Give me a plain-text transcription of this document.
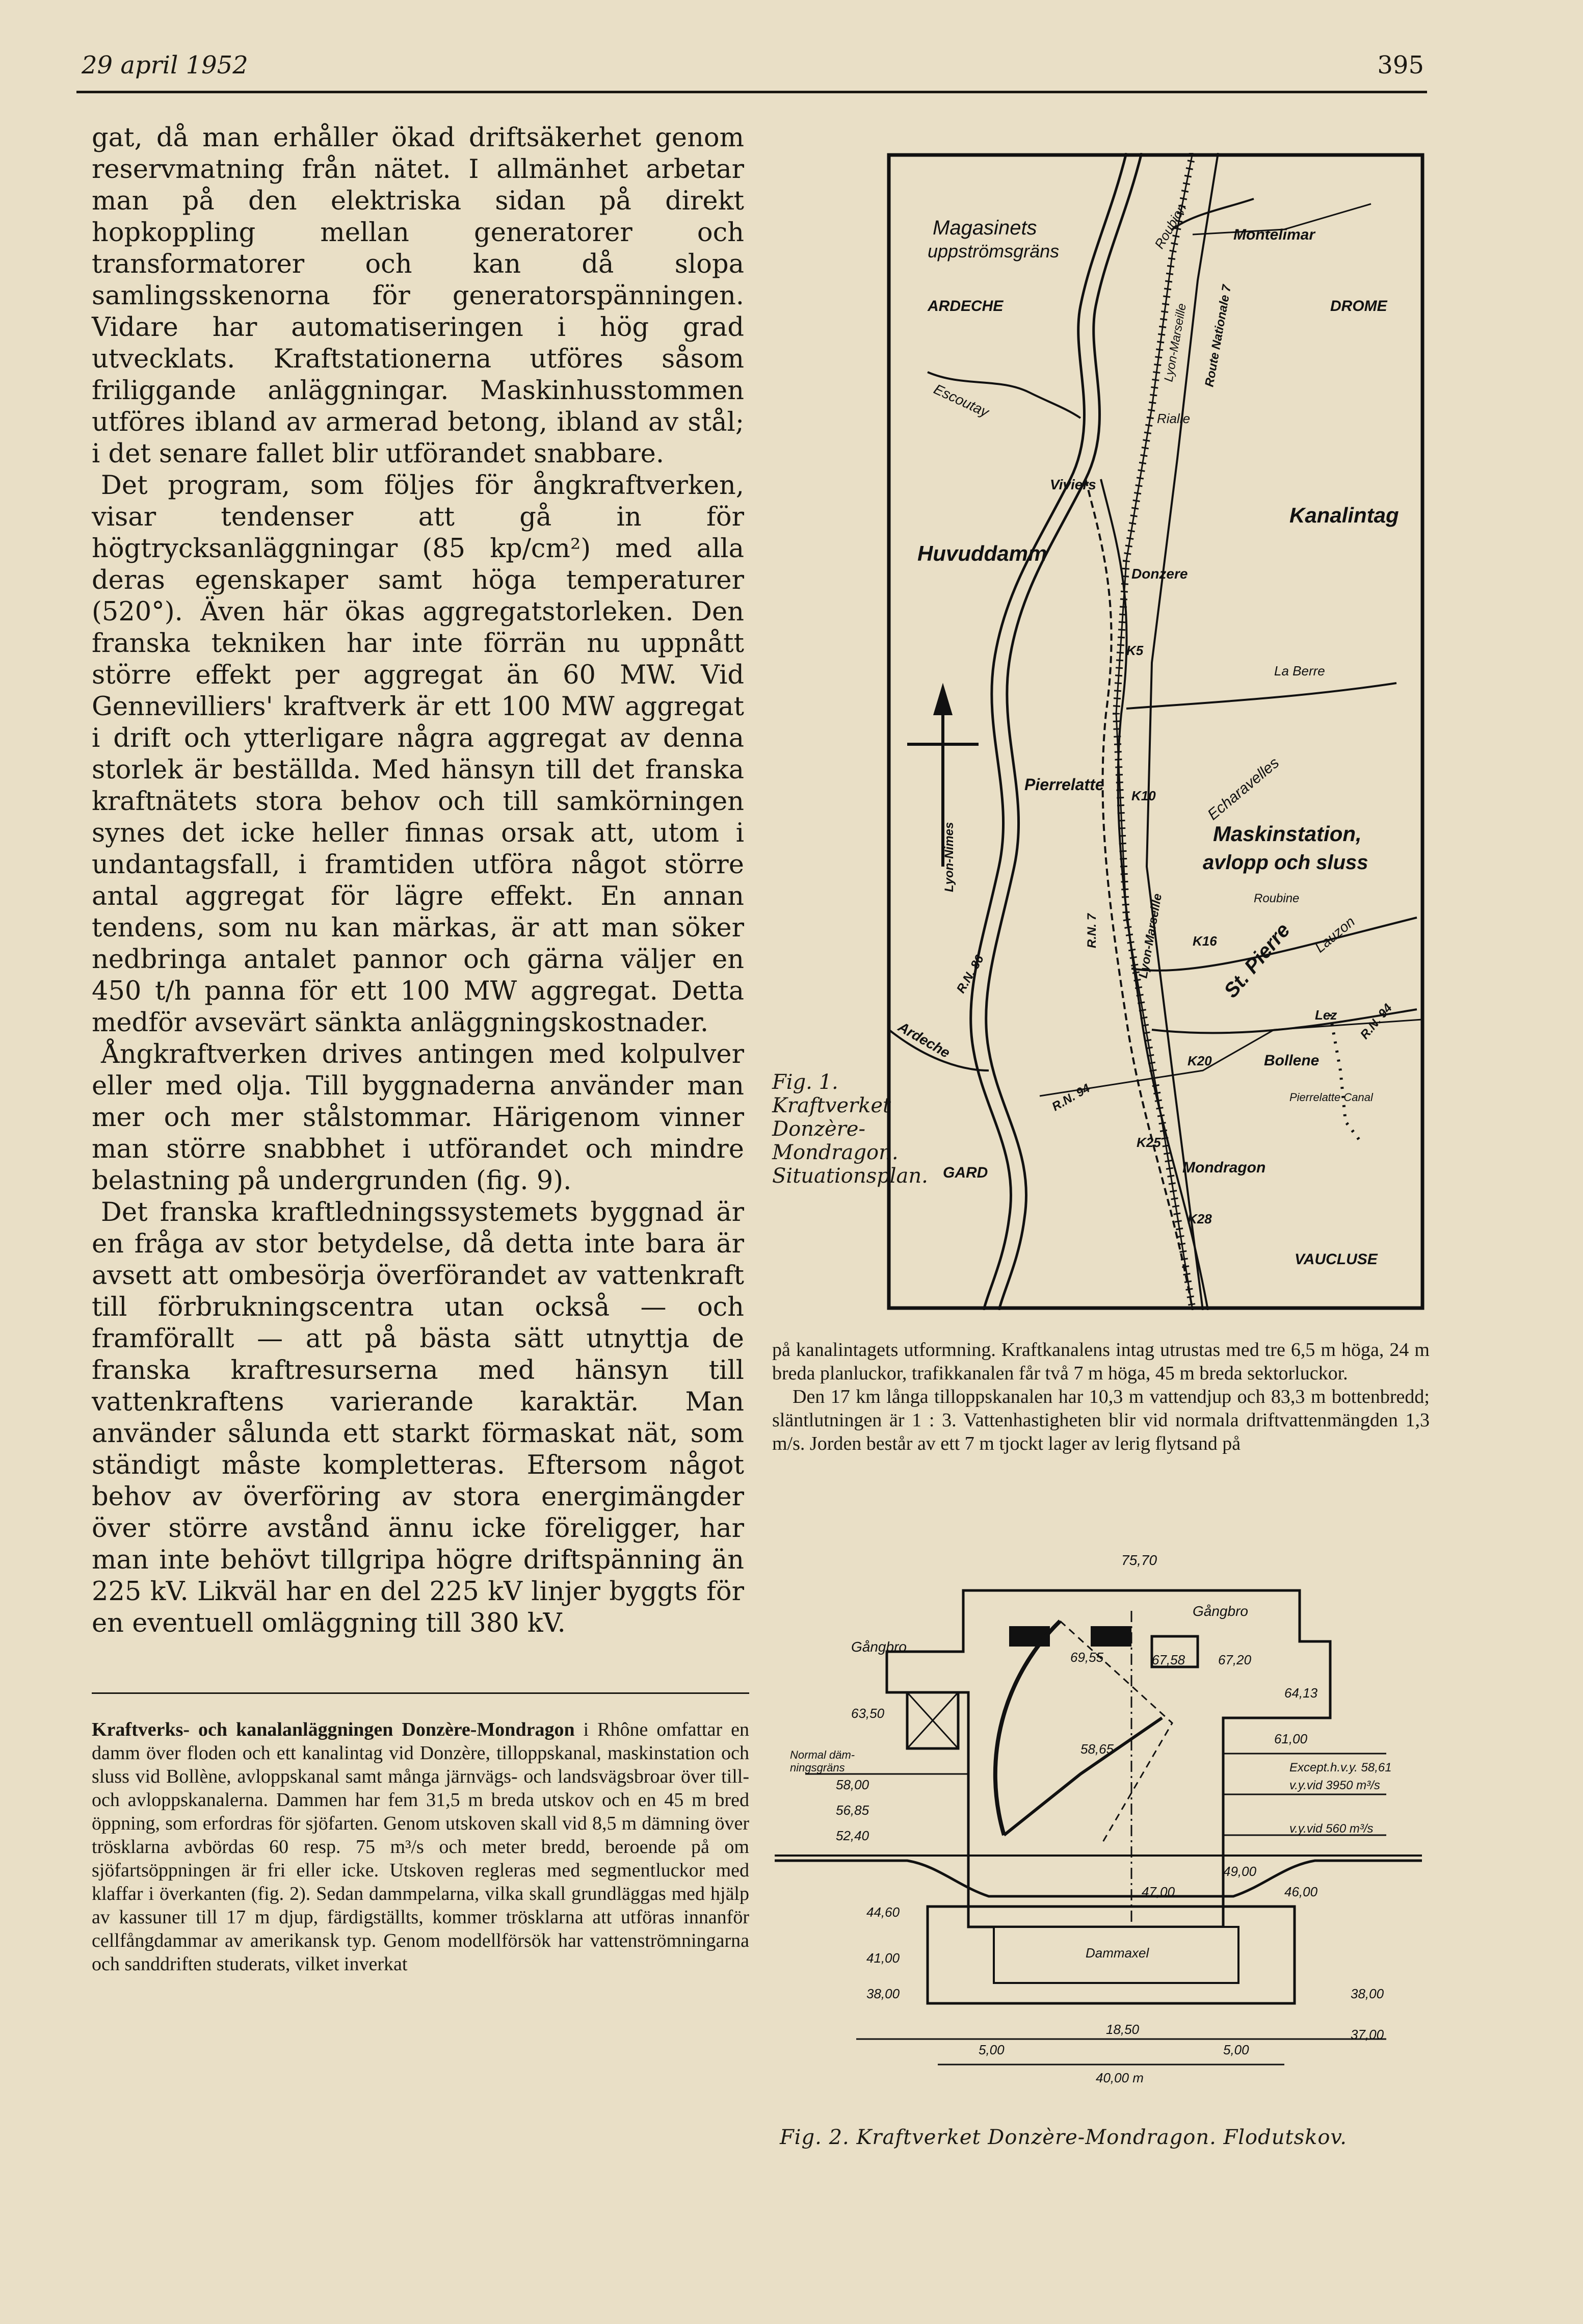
29 april 1952	395

gat, då man erhåller ökad driftsäkerhet genom reservmatning från nätet. I allmänhet arbetar man på den elektriska sidan på direkt hopkoppling mellan generatorer och transformatorer och kan då slopa samlingsskenorna för generatorspänningen. Vidare har automatiseringen i hög grad utvecklats. Kraftstationerna utföres såsom friliggande anläggningar. Maskinhusstommen utföres ibland av armerad betong, ibland av stål; i det senare fallet blir utförandet snabbare.

Det program, som följes för ångkraftverken, visar tendenser att gå in för högtrycksanläggningar (85 kp/cm²) med alla deras egenskaper samt höga temperaturer (520°). Även här ökas aggregatstorleken. Den franska tekniken har inte förrän nu uppnått större effekt per aggregat än 60 MW. Vid Gennevilliers' kraftverk är ett 100 MW aggregat i drift och ytterligare några aggregat av denna storlek är beställda. Med hänsyn till det franska kraftnätets stora behov och till samkörningen synes det icke heller finnas orsak att, utom i undantagsfall, i framtiden utföra något större antal aggregat för lägre effekt. En annan tendens, som nu kan märkas, är att man söker nedbringa antalet pannor och gärna väljer en 450 t/h panna för ett 100 MW aggregat. Detta medför avsevärt sänkta anläggningskostnader.

Ångkraftverken drives antingen med kolpulver eller med olja. Till byggnaderna använder man mer och mer stålstommar. Härigenom vinner man större snabbhet i utförandet och mindre belastning på undergrunden (fig. 9).

Det franska kraftledningssystemets byggnad är en fråga av stor betydelse, då detta inte bara är avsett att ombesörja överförandet av vattenkraft till förbrukningscentra utan också — och framförallt — att på bästa sätt utnyttja de franska kraftresurserna med hänsyn till vattenkraftens varierande karaktär. Man använder sålunda ett starkt förmaskat nät, som ständigt måste kompletteras. Eftersom något behov av överföring av stora energimängder över större avstånd ännu icke föreligger, har man inte behövt tillgripa högre driftspänning än 225 kV. Likväl har en del 225 kV linjer byggts för en eventuell omläggning till 380 kV.

Kraftverks- och kanalanläggningen Donzère-Mondragon i Rhône omfattar en damm över floden och ett kanalintag vid Donzère, tilloppskanal, maskinstation och sluss vid Bollène, avloppskanal samt många järnvägs- och landsvägsbroar över till- och avloppskanalerna. Dammen har fem 31,5 m breda utskov och en 45 m bred öppning, som erfordras för sjöfarten. Genom utskoven skall vid 8,5 m dämning över trösklarna avbördas 60 resp. 75 m³/s och meter bredd, beroende på om sjöfartsöppningen är fri eller icke. Utskoven regleras med segmentluckor med klaffar i överkanten (fig. 2). Sedan dammpelarna, vilka skall grundläggas med hjälp av kassuner till 17 m djup, färdigställts, kommer trösklarna att utföras innanför cellfångdammar av amerikansk typ. Genom modellförsök har vattenströmningarna och sanddriften studerats, vilket inverkat
Fig. 1. Kraftverket Donzère-Mondragon. Situationsplan.
Magasinets
uppströmsgräns
ARDECHE	DROME
Montelimar
Roubion
Lyon-Marseille Route Nationale 7
Escoutay	Rialle
Viviers
Kanalintag
Huvuddamm
Donzere
K5
La Berre
Lyon-Nimes
Pierrelatte
K10	Echaravelles
Maskinstation,
avlopp och sluss
R.N. 7	Lyon-Marseille
R.N. 86
Roubine
K16 St. Pierre Lauzon
Lez
Ardeche	K20	Bollene
R.N. 94
R.N. 94
Pierrelatte Canal
GARD
K25
Mondragon
K28
VAUCLUSE

på kanalintagets utformning. Kraftkanalens intag utrustas med tre 6,5 m höga, 24 m breda planluckor, trafikkanalen får två 7 m höga, 45 m breda sektorluckor.

Den 17 km långa tilloppskanalen har 10,3 m vattendjup och 83,3 m bottenbredd; släntlutningen är 1 : 3. Vattenhastigheten blir vid normala driftvattenmängden 1,3 m/s. Jorden består av ett 7 m tjockt lager av lerig flytsand på

75,70
Gångbro
Gångbro
69,55	67,58 67,20
64,13
63,50
61,00
Normal däm-
ningsgräns
58,00
58,65
Except.h.v.y. 58,61
v.y.vid 3950 m³/s
56,85
52,40	v.y.vid 560 m³/s
49,00
47,00	46,00
44,60
41,00	Dammaxel
38,00	38,00
37,00
5,00
18,50
5,00
40,00 m
Fig. 2. Kraftverket Donzère-Mondragon. Flodutskov.
